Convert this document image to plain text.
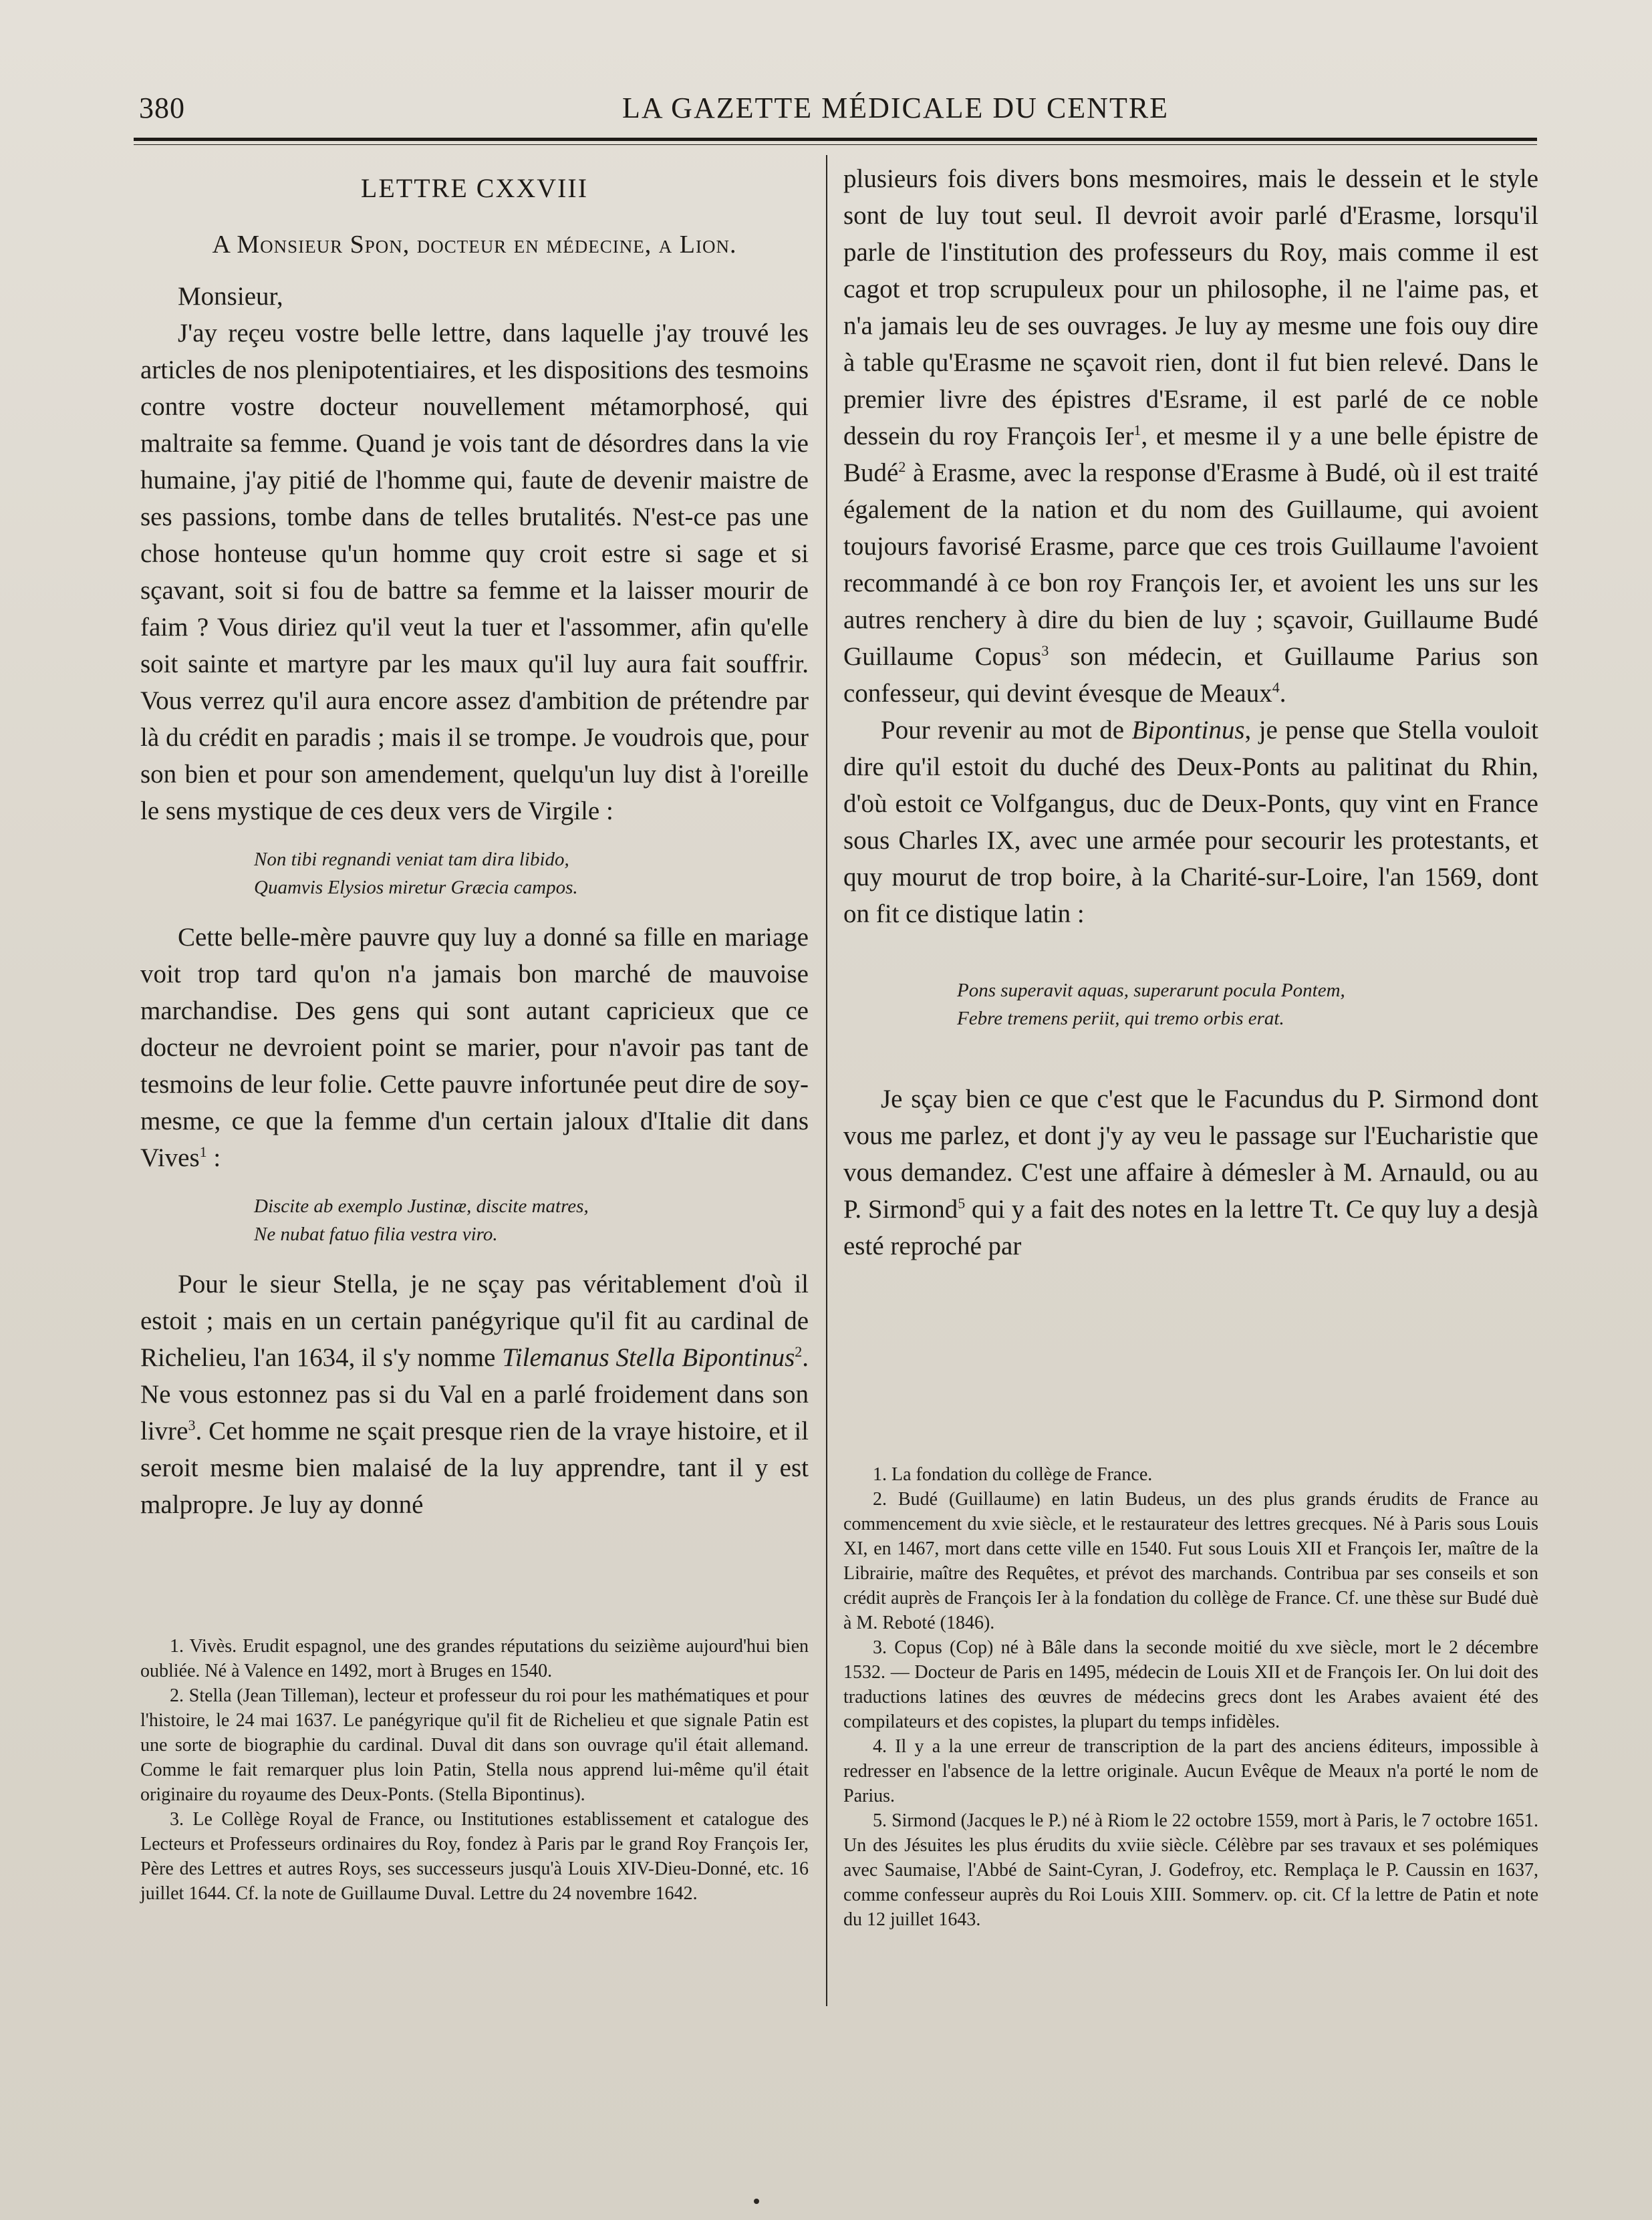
380	LA GAZETTE MÉDICALE DU CENTRE
LETTRE CXXVIII
A Monsieur Spon, docteur en médecine, a Lion.

Monsieur,

J'ay reçeu vostre belle lettre, dans laquelle j'ay trouvé les articles de nos plenipotentiaires, et les dispositions des tesmoins contre vostre docteur nouvellement métamorphosé, qui maltraite sa femme. Quand je vois tant de désordres dans la vie humaine, j'ay pitié de l'homme qui, faute de devenir maistre de ses passions, tombe dans de telles brutalités. N'est-ce pas une chose honteuse qu'un homme quy croit estre si sage et si sçavant, soit si fou de battre sa femme et la laisser mourir de faim ? Vous diriez qu'il veut la tuer et l'assommer, afin qu'elle soit sainte et martyre par les maux qu'il luy aura fait souffrir. Vous verrez qu'il aura encore assez d'ambition de prétendre par là du crédit en paradis ; mais il se trompe. Je voudrois que, pour son bien et pour son amendement, quelqu'un luy dist à l'oreille le sens mystique de ces deux vers de Virgile :

Non tibi regnandi veniat tam dira libido,
Quamvis Elysios miretur Græcia campos.

Cette belle-mère pauvre quy luy a donné sa fille en mariage voit trop tard qu'on n'a jamais bon marché de mauvoise marchandise. Des gens qui sont autant capricieux que ce docteur ne devroient point se marier, pour n'avoir pas tant de tesmoins de leur folie. Cette pauvre infortunée peut dire de soy-mesme, ce que la femme d'un certain jaloux d'Italie dit dans Vives$^1$ :

Discite ab exemplo Justinæ, discite matres,
Ne nubat fatuo filia vestra viro.

Pour le sieur Stella, je ne sçay pas véritablement d'où il estoit ; mais en un certain panégyrique qu'il fit au cardinal de Richelieu, l'an 1634, il s'y nomme Tilemanus Stella Bipontinus$^2$. Ne vous estonnez pas si du Val en a parlé froidement dans son livre$^3$. Cet homme ne sçait presque rien de la vraye histoire, et il seroit mesme bien malaisé de la luy apprendre, tant il y est malpropre. Je luy ay donné

1. Vivès. Erudit espagnol, une des grandes réputations du seizième aujourd'hui bien oubliée. Né à Valence en 1492, mort à Bruges en 1540.

2. Stella (Jean Tilleman), lecteur et professeur du roi pour les mathématiques et pour l'histoire, le 24 mai 1637. Le panégyrique qu'il fit de Richelieu et que signale Patin est une sorte de biographie du cardinal. Duval dit dans son ouvrage qu'il était allemand. Comme le fait remarquer plus loin Patin, Stella nous apprend lui-même qu'il était originaire du royaume des Deux-Ponts. (Stella Bipontinus).

3. Le Collège Royal de France, ou Institutiones establissement et catalogue des Lecteurs et Professeurs ordinaires du Roy, fondez à Paris par le grand Roy François Ier, Père des Lettres et autres Roys, ses successeurs jusqu'à Louis XIV-Dieu-Donné, etc. 16 juillet 1644. Cf. la note de Guillaume Duval. Lettre du 24 novembre 1642.

plusieurs fois divers bons mesmoires, mais le dessein et le style sont de luy tout seul. Il devroit avoir parlé d'Erasme, lorsqu'il parle de l'institution des professeurs du Roy, mais comme il est cagot et trop scrupuleux pour un philosophe, il ne l'aime pas, et n'a jamais leu de ses ouvrages. Je luy ay mesme une fois ouy dire à table qu'Erasme ne sçavoit rien, dont il fut bien relevé. Dans le premier livre des épistres d'Esrame, il est parlé de ce noble dessein du roy François Ier$^1$, et mesme il y a une belle épistre de Budé$^2$ à Erasme, avec la response d'Erasme à Budé, où il est traité également de la nation et du nom des Guillaume, qui avoient toujours favorisé Erasme, parce que ces trois Guillaume l'avoient recommandé à ce bon roy François Ier, et avoient les uns sur les autres renchery à dire du bien de luy ; sçavoir, Guillaume Budé Guillaume Copus$^3$ son médecin, et Guillaume Parius son confesseur, qui devint évesque de Meaux$^4$.

Pour revenir au mot de Bipontinus, je pense que Stella vouloit dire qu'il estoit du duché des Deux-Ponts au palitinat du Rhin, d'où estoit ce Volfgangus, duc de Deux-Ponts, quy vint en France sous Charles IX, avec une armée pour secourir les protestants, et quy mourut de trop boire, à la Charité-sur-Loire, l'an 1569, dont on fit ce distique latin :

Pons superavit aquas, superarunt pocula Pontem,
Febre tremens periit, qui tremo orbis erat.

Je sçay bien ce que c'est que le Facundus du P. Sirmond dont vous me parlez, et dont j'y ay veu le passage sur l'Eucharistie que vous demandez. C'est une affaire à démesler à M. Arnauld, ou au P. Sirmond$^5$ qui y a fait des notes en la lettre Tt. Ce quy luy a desjà esté reproché par

1. La fondation du collège de France.

2. Budé (Guillaume) en latin Budeus, un des plus grands érudits de France au commencement du xvie siècle, et le restaurateur des lettres grecques. Né à Paris sous Louis XI, en 1467, mort dans cette ville en 1540. Fut sous Louis XII et François Ier, maître de la Librairie, maître des Requêtes, et prévot des marchands. Contribua par ses conseils et son crédit auprès de François Ier à la fondation du collège de France. Cf. une thèse sur Budé duè à M. Reboté (1846).

3. Copus (Cop) né à Bâle dans la seconde moitié du xve siècle, mort le 2 décembre 1532. — Docteur de Paris en 1495, médecin de Louis XII et de François Ier. On lui doit des traductions latines des œuvres de médecins grecs dont les Arabes avaient été des compilateurs et des copistes, la plupart du temps infidèles.

4. Il y a la une erreur de transcription de la part des anciens éditeurs, impossible à redresser en l'absence de la lettre originale. Aucun Evêque de Meaux n'a porté le nom de Parius.

5. Sirmond (Jacques le P.) né à Riom le 22 octobre 1559, mort à Paris, le 7 octobre 1651. Un des Jésuites les plus érudits du xviie siècle. Célèbre par ses travaux et ses polémiques avec Saumaise, l'Abbé de Saint-Cyran, J. Godefroy, etc. Remplaça le P. Caussin en 1637, comme confesseur auprès du Roi Louis XIII. Sommerv. op. cit. Cf la lettre de Patin et note du 12 juillet 1643.
